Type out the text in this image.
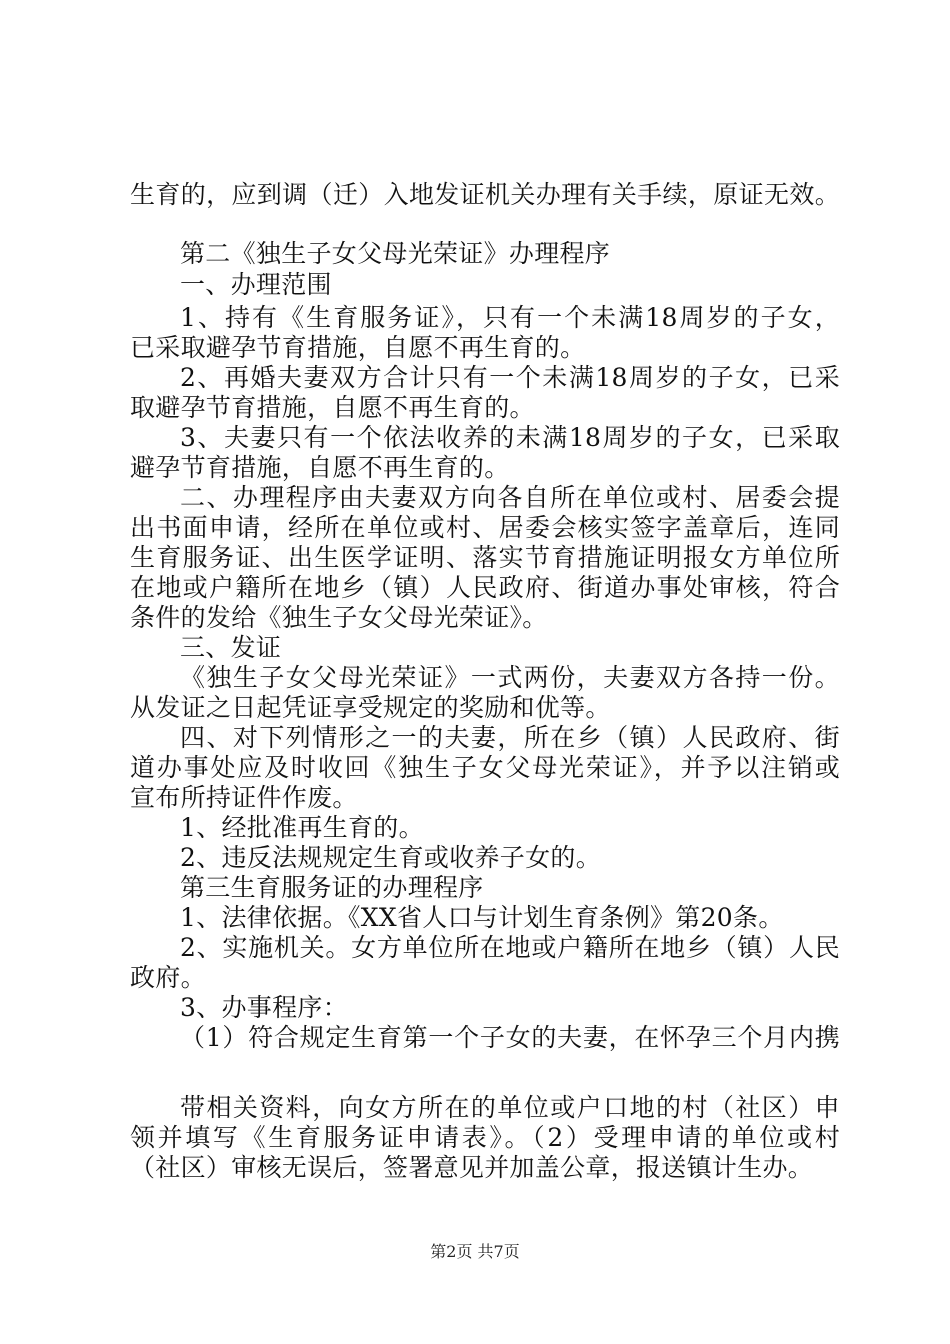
生育的，应到调（迁）入地发证机关办理有关手续，原证无效。
第二《独生子女父母光荣证》办理程序
一、办理范围
1、持有《生育服务证》，只有一个未满18周岁的子女，
已采取避孕节育措施，自愿不再生育的。
2、再婚夫妻双方合计只有一个未满18周岁的子女，已采
取避孕节育措施，自愿不再生育的。
3、夫妻只有一个依法收养的未满18周岁的子女，已采取
避孕节育措施，自愿不再生育的。
二、办理程序由夫妻双方向各自所在单位或村、居委会提
出书面申请，经所在单位或村、居委会核实签字盖章后，连同
生育服务证、出生医学证明、落实节育措施证明报女方单位所
在地或户籍所在地乡（镇）人民政府、街道办事处审核，符合
条件的发给《独生子女父母光荣证》。
三、发证
《独生子女父母光荣证》一式两份，夫妻双方各持一份。
从发证之日起凭证享受规定的奖励和优等。
四、对下列情形之一的夫妻，所在乡（镇）人民政府、街
道办事处应及时收回《独生子女父母光荣证》，并予以注销或
宣布所持证件作废。
1、经批准再生育的。
2、违反法规规定生育或收养子女的。
第三生育服务证的办理程序
1、法律依据。《XX省人口与计划生育条例》第20条。
2、实施机关。女方单位所在地或户籍所在地乡（镇）人民
政府。
3、办事程序：
（1）符合规定生育第一个子女的夫妻，在怀孕三个月内携
带相关资料，向女方所在的单位或户口地的村（社区）申
领并填写《生育服务证申请表》。（2）受理申请的单位或村
（社区）审核无误后，签署意见并加盖公章，报送镇计生办。
第2页 共7页
